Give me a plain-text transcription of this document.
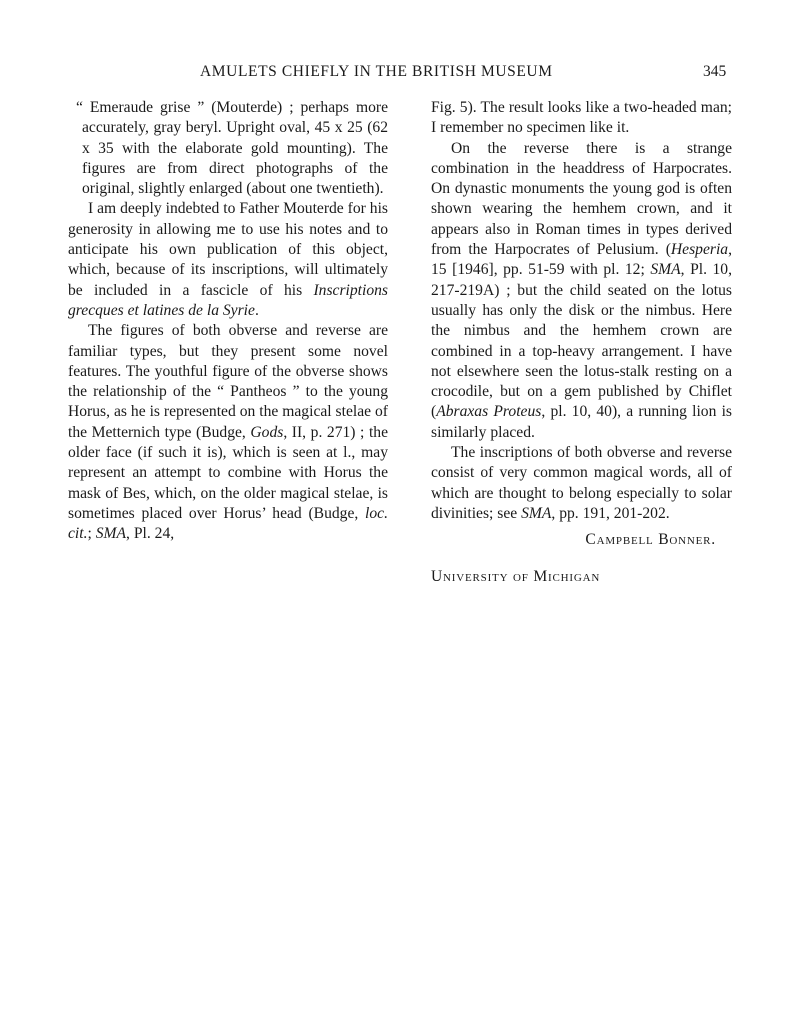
AMULETS CHIEFLY IN THE BRITISH MUSEUM	345

“ Emeraude grise ” (Mouterde) ; perhaps more accurately, gray beryl. Upright oval, 45 x 25 (62 x 35 with the elaborate gold mounting). The figures are from direct photographs of the original, slightly enlarged (about one twentieth).

I am deeply indebted to Father Mouterde for his generosity in allowing me to use his notes and to anticipate his own publication of this object, which, because of its inscriptions, will ultimately be included in a fascicle of his Inscriptions grecques et latines de la Syrie.

The figures of both obverse and reverse are familiar types, but they present some novel features. The youthful figure of the obverse shows the relationship of the “ Pantheos ” to the young Horus, as he is represented on the magical stelae of the Metternich type (Budge, Gods, II, p. 271) ; the older face (if such it is), which is seen at l., may represent an attempt to combine with Horus the mask of Bes, which, on the older magical stelae, is sometimes placed over Horus’ head (Budge, loc. cit.; SMA, Pl. 24,

Fig. 5). The result looks like a two-headed man; I remember no specimen like it.

On the reverse there is a strange combination in the headdress of Harpocrates. On dynastic monuments the young god is often shown wearing the hemhem crown, and it appears also in Roman times in types derived from the Harpocrates of Pelusium. (Hesperia, 15 [1946], pp. 51-59 with pl. 12; SMA, Pl. 10, 217-219A) ; but the child seated on the lotus usually has only the disk or the nimbus. Here the nimbus and the hemhem crown are combined in a top-heavy arrangement. I have not elsewhere seen the lotus-stalk resting on a crocodile, but on a gem published by Chiflet (Abraxas Proteus, pl. 10, 40), a running lion is similarly placed.

The inscriptions of both obverse and reverse consist of very common magical words, all of which are thought to belong especially to solar divinities; see SMA, pp. 191, 201-202.

Campbell Bonner.

University of Michigan
